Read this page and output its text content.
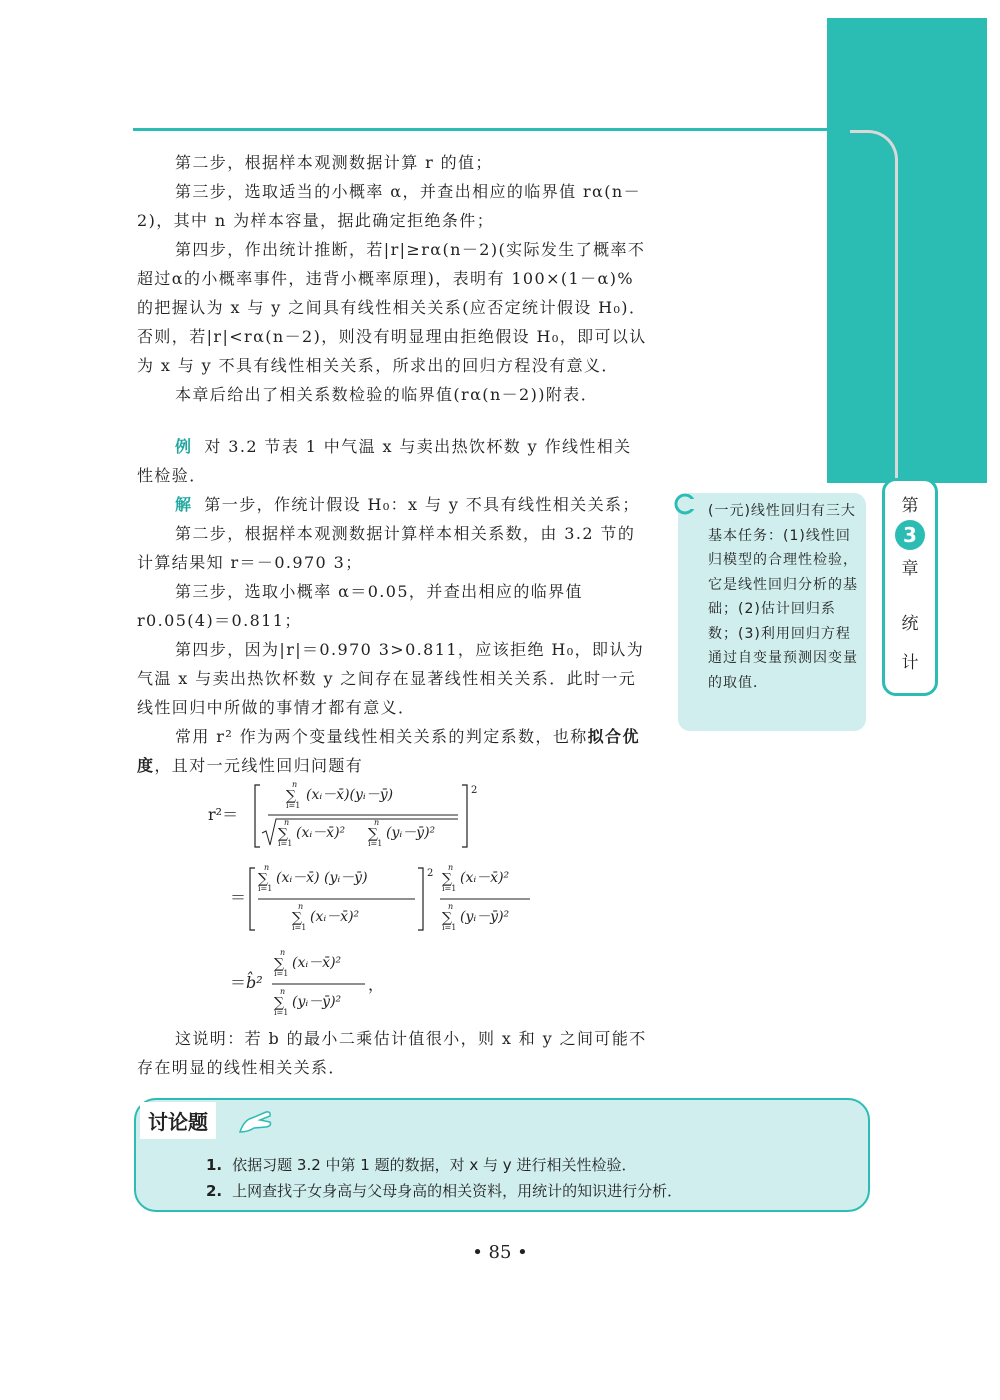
第二步，根据样本观测数据计算 r 的值；

第三步，选取适当的小概率 α，并查出相应的临界值 rα(n－2)，其中 n 为样本容量，据此确定拒绝条件；

第四步，作出统计推断，若|r|≥rα(n－2)(实际发生了概率不超过α的小概率事件，违背小概率原理)，表明有 100×(1－α)% 的把握认为 x 与 y 之间具有线性相关关系(应否定统计假设 H₀)．否则，若|r|<rα(n－2)，则没有明显理由拒绝假设 H₀，即可以认为 x 与 y 不具有线性相关关系，所求出的回归方程没有意义．

本章后给出了相关系数检验的临界值(rα(n－2))附表．

例 对 3.2 节表 1 中气温 x 与卖出热饮杯数 y 作线性相关性检验．

解 第一步，作统计假设 H₀：x 与 y 不具有线性相关关系；

第二步，根据样本观测数据计算样本相关系数，由 3.2 节的计算结果知 r＝－0.970 3；

第三步，选取小概率 α＝0.05，并查出相应的临界值 r0.05(4)＝0.811；

第四步，因为|r|＝0.970 3>0.811，应该拒绝 H₀，即认为气温 x 与卖出热饮杯数 y 之间存在显著线性相关关系．此时一元线性回归中所做的事情才都有意义．

常用 r² 作为两个变量线性相关关系的判定系数，也称拟合优度，且对一元线性回归问题有

r²＝
2
n
∑
i=1
(xᵢ－x̄)(yᵢ－ȳ)
n
∑
i=1
(xᵢ－x̄)²
n
∑
i=1
(yᵢ－ȳ)²
＝
2
n
∑
i=1
(xᵢ－x̄) (yᵢ－ȳ)
n
∑
i=1
(xᵢ－x̄)²
n
∑
i=1
(xᵢ－x̄)²
n
∑
i=1
(yᵢ－ȳ)²
＝ b̂²
n
∑
i=1
(xᵢ－x̄)²
n
∑
i=1
(yᵢ－ȳ)²
，

这说明：若 b 的最小二乘估计值很小，则 x 和 y 之间可能不存在明显的线性相关关系．

第
3
章
统
计
(一元)线性回归有三大基本任务：(1)线性回归模型的合理性检验，它是线性回归分析的基础；(2)估计回归系数；(3)利用回归方程通过自变量预测因变量的取值．
讨论题
1. 依据习题 3.2 中第 1 题的数据，对 x 与 y 进行相关性检验．
2. 上网查找子女身高与父母身高的相关资料，用统计的知识进行分析．
• 85 •
